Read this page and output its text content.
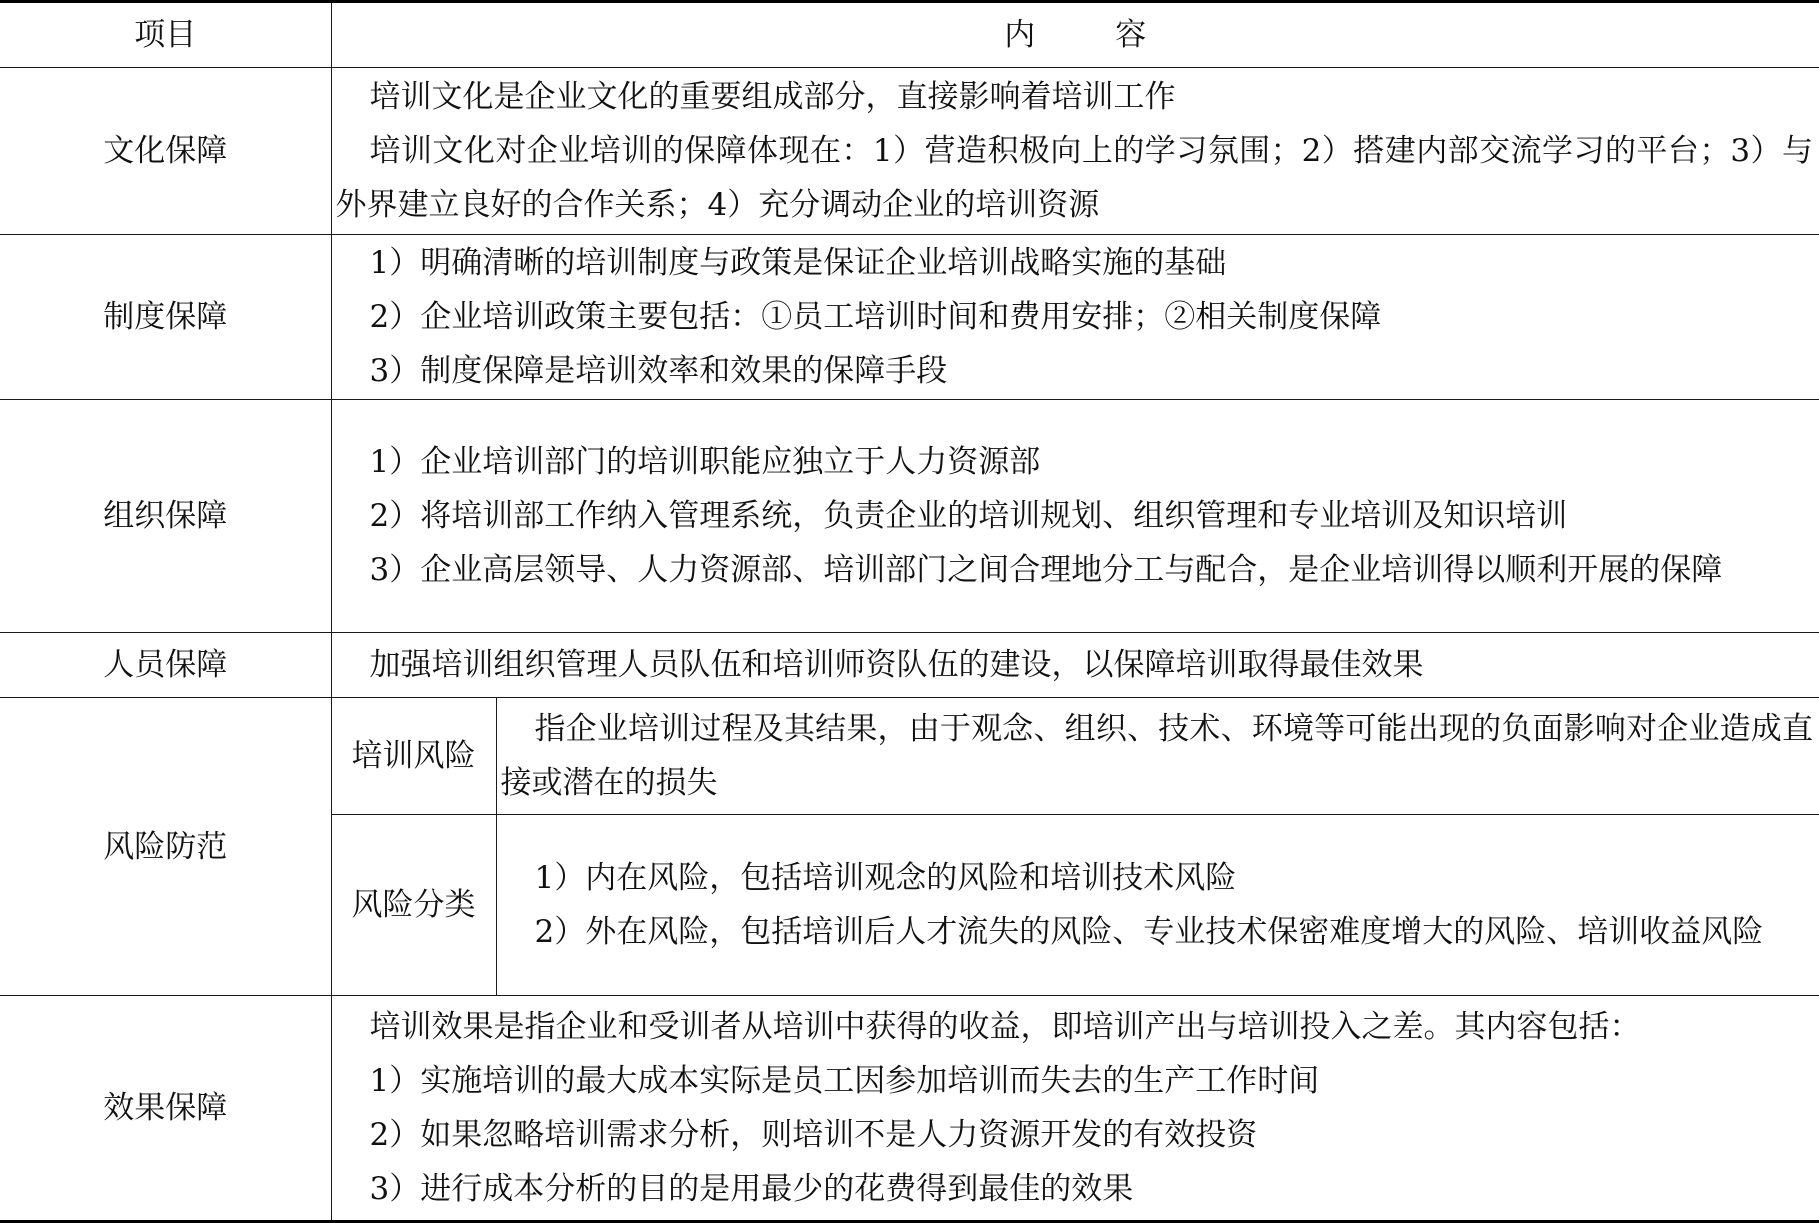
项目	内 容	
文化保障	培训文化是企业文化的重要组成部分，直接影响着培训工作

培训文化对企业培训的保障体现在：1）营造积极向上的学习氛围；2）搭建内部交流学习的平台；3）与外界建立良好的合作关系；4）充分调动企业的培训资源	

制度保障	1）明确清晰的培训制度与政策是保证企业培训战略实施的基础

2）企业培训政策主要包括：①员工培训时间和费用安排；②相关制度保障

3）制度保障是培训效率和效果的保障手段	

组织保障	1）企业培训部门的培训职能应独立于人力资源部

2）将培训部工作纳入管理系统，负责企业的培训规划、组织管理和专业培训及知识培训

3）企业高层领导、人力资源部、培训部门之间合理地分工与配合，是企业培训得以顺利开展的保障	

人员保障	加强培训组织管理人员队伍和培训师资队伍的建设，以保障培训取得最佳效果	

风险防范	培训风险	指企业培训过程及其结果，由于观念、组织、技术、环境等可能出现的负面影响对企业造成直接或潜在的损失

	风险分类	1）内在风险，包括培训观念的风险和培训技术风险

2）外在风险，包括培训后人才流失的风险、专业技术保密难度增大的风险、培训收益风险

效果保障	培训效果是指企业和受训者从培训中获得的收益，即培训产出与培训投入之差。其内容包括：

1）实施培训的最大成本实际是员工因参加培训而失去的生产工作时间

2）如果忽略培训需求分析，则培训不是人力资源开发的有效投资

3）进行成本分析的目的是用最少的花费得到最佳的效果	
